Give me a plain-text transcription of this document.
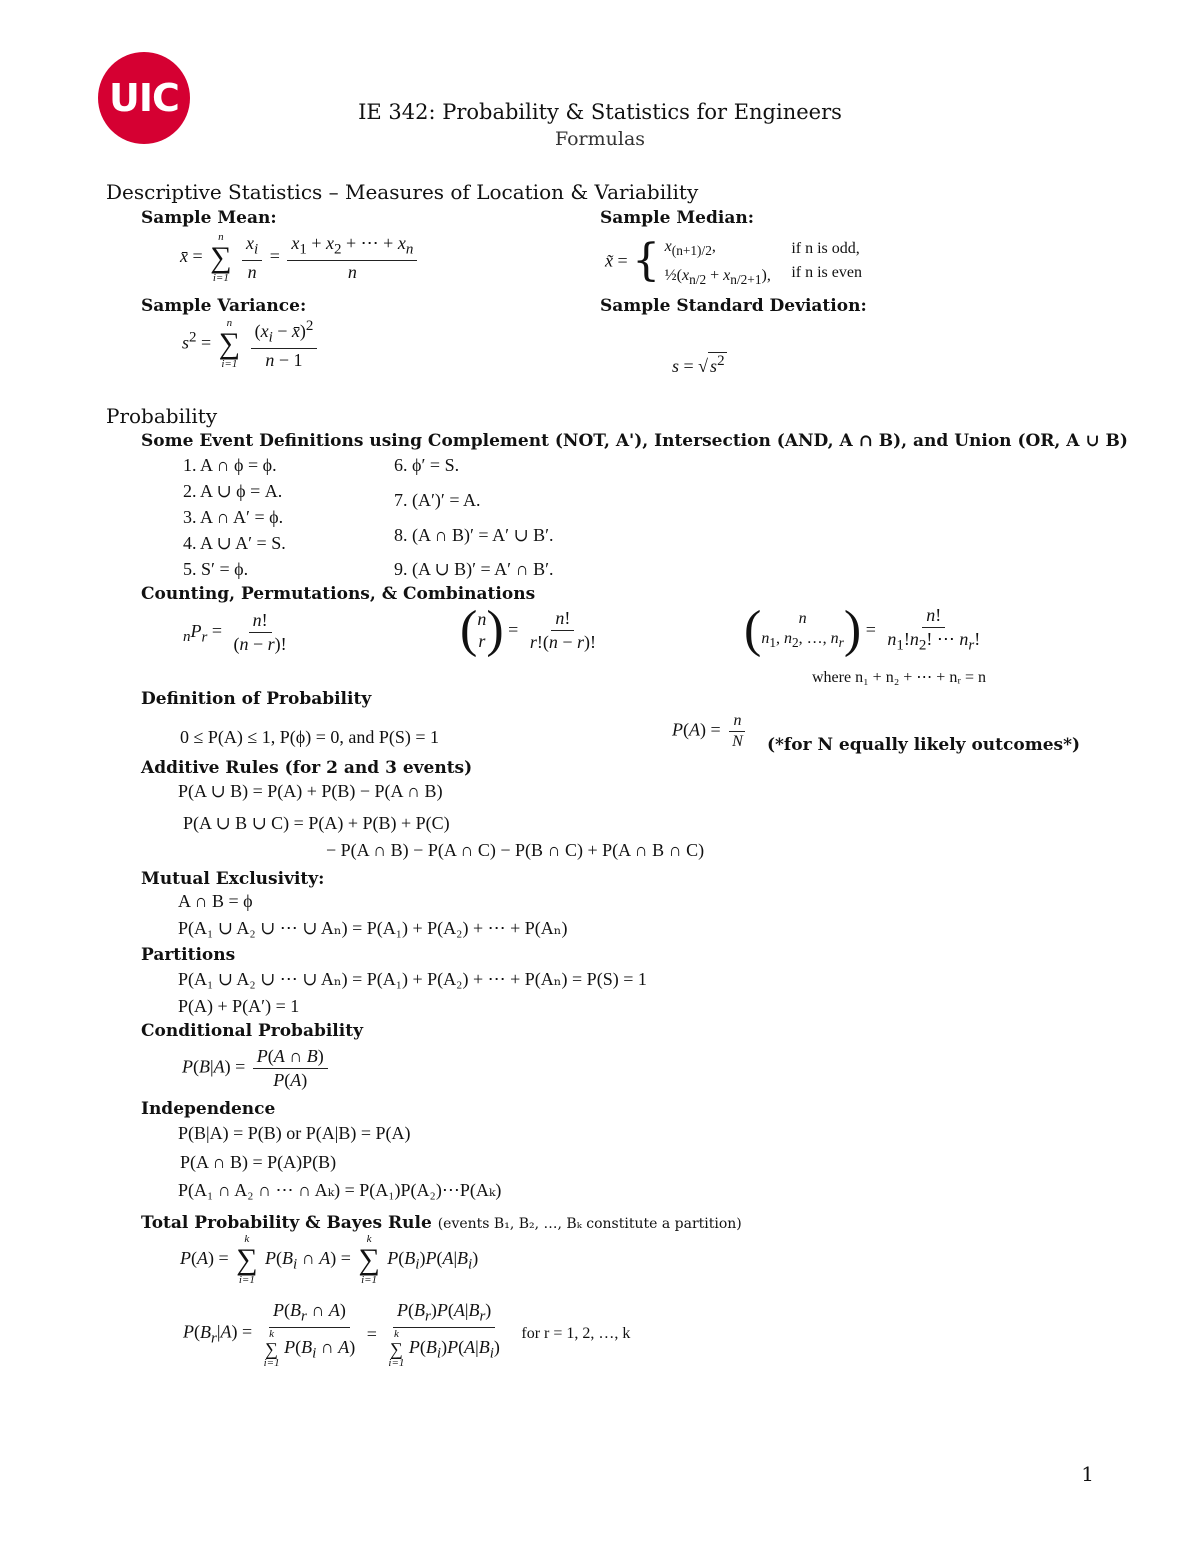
UIC	IE 342: Probability & Statistics for Engineers
Formulas
Descriptive Statistics – Measures of Location & Variability
Sample Mean:	Sample Median:
x̄ =
n
∑
i=1
$\frac{x_i}{n} = \frac{x_1 + x_2 + \cdots + x_n}{n}$	x̃ = { $x_{(n+1)/2}$,
$\frac{1}{2}(x_{n/2} + x_{n/2+1})$, if n is odd,
if n is even
Sample Variance:	Sample Standard Deviation:
$s^2$ =
n
∑
i=1
$\frac{(x_i - x̄)^2}{n - 1}$	s = √ $s^2$
Probability
Some Event Definitions using Complement (NOT, A'), Intersection (AND, A ∩ B), and Union (OR, A ∪ B)
1. A ∩ ϕ = ϕ.
2. A ∪ ϕ = A.
3. A ∩ A′ = ϕ.
4. A ∪ A′ = S.
5. S′ = ϕ.
6. ϕ′ = S.
7. (A′)′ = A.
8. (A ∩ B)′ = A′ ∪ B′.
9. (A ∪ B)′ = A′ ∩ B′.
Counting, Permutations, & Combinations
$_nP_r = \frac{n!}{(n - r)!}$	( n
r ) = $\frac{n!}{r!(n - r)!}$	( n
$n_1$, $n_2$, …, $n_r$ ) = $\frac{n!}{n_1!n_2! \cdots n_r!}$
where n₁ + n₂ + ⋯ + nᵣ = n
Definition of Probability
0 ≤ P(A) ≤ 1, P(ϕ) = 0, and P(S) = 1	$P(A) = \frac{n}{N} (*for$ N equally likely outcomes*)
Additive Rules (for 2 and 3 events)
P(A ∪ B) = P(A) + P(B) − P(A ∩ B)
P(A ∪ B ∪ C) = P(A) + P(B) + P(C)
− P(A ∩ B) − P(A ∩ C) − P(B ∩ C) + P(A ∩ B ∩ C)
Mutual Exclusivity:
A ∩ B = ϕ
P(A₁ ∪ A₂ ∪ ⋯ ∪ Aₙ) = P(A₁) + P(A₂) + ⋯ + P(Aₙ)
Partitions
P(A₁ ∪ A₂ ∪ ⋯ ∪ Aₙ) = P(A₁) + P(A₂) + ⋯ + P(Aₙ) = P(S) = 1
P(A) + P(A′) = 1
Conditional Probability
$P(B|A) = \frac{P(A \cap B)}{P(A)}$
Independence
P(B|A) = P(B) or P(A|B) = P(A)
P(A ∩ B) = P(A)P(B)
P(A₁ ∩ A₂ ∩ ⋯ ∩ Aₖ) = P(A₁)P(A₂)⋯P(Aₖ)
Total Probability & Bayes Rule (events B₁, B₂, …, Bₖ constitute a partition)
P(A) =
k
∑
i=1
$P(B_i$ ∩ A) =
k
∑
i=1
$P(B_i)P(A|B_i)$
$P(B_r|A) = P(B_r$ ∩ A)
k
∑
i=1
$P(B_i$ ∩ $A) = P(B_r)P(A|B_r)$
k
∑
i=1
$P(B_i)P(A|B_i)$ for r = 1, 2, …, k
1
